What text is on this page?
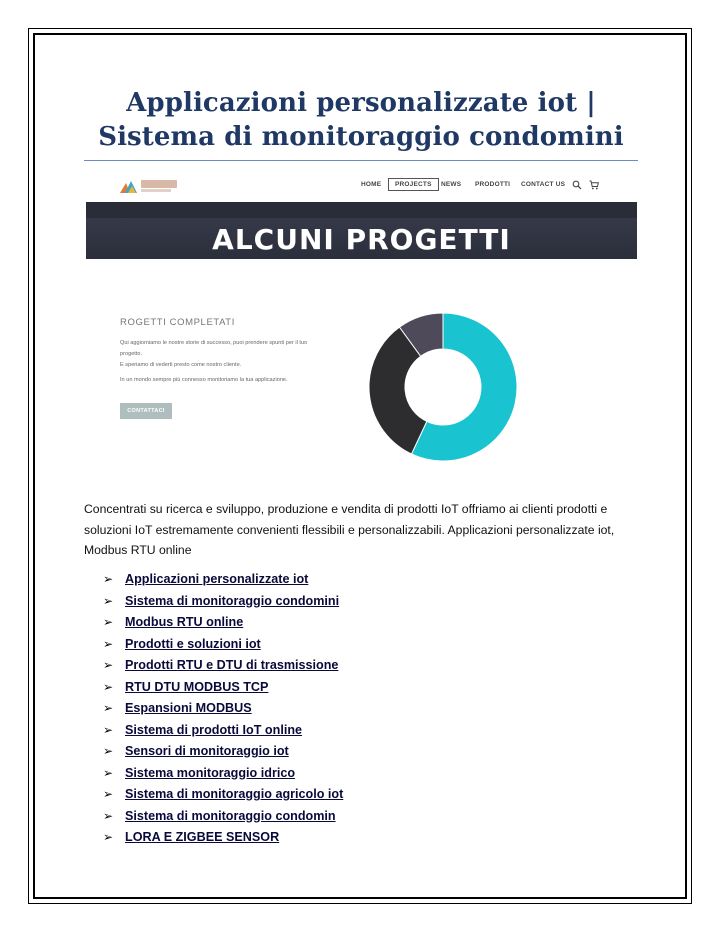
Applicazioni personalizzate iot | Sistema di monitoraggio condomini
HOME	PROJECTS	NEWS PRODOTTI CONTACT US
ALCUNI PROGETTI
ROGETTI COMPLETATI
Qui aggiorniamo le nostre storie di successo, puoi prendere spunti per il tuo
progetto.
E speriamo di vederti presto come nostro cliente.
In un mondo sempre più connesso monitoriamo la tua applicazione.
CONTATTACI

Concentrati su ricerca e sviluppo, produzione e vendita di prodotti IoT offriamo ai clienti prodotti e soluzioni IoT estremamente convenienti flessibili e personalizzabili. Applicazioni personalizzate iot, Modbus RTU online

➢ Applicazioni personalizzate iot
➢ Sistema di monitoraggio condomini
➢ Modbus RTU online
➢ Prodotti e soluzioni iot
➢ Prodotti RTU e DTU di trasmissione
➢ RTU DTU MODBUS TCP
➢ Espansioni MODBUS
➢ Sistema di prodotti IoT online
➢ Sensori di monitoraggio iot
➢ Sistema monitoraggio idrico
➢ Sistema di monitoraggio agricolo iot
➢ Sistema di monitoraggio condomin
➢ LORA E ZIGBEE SENSOR
